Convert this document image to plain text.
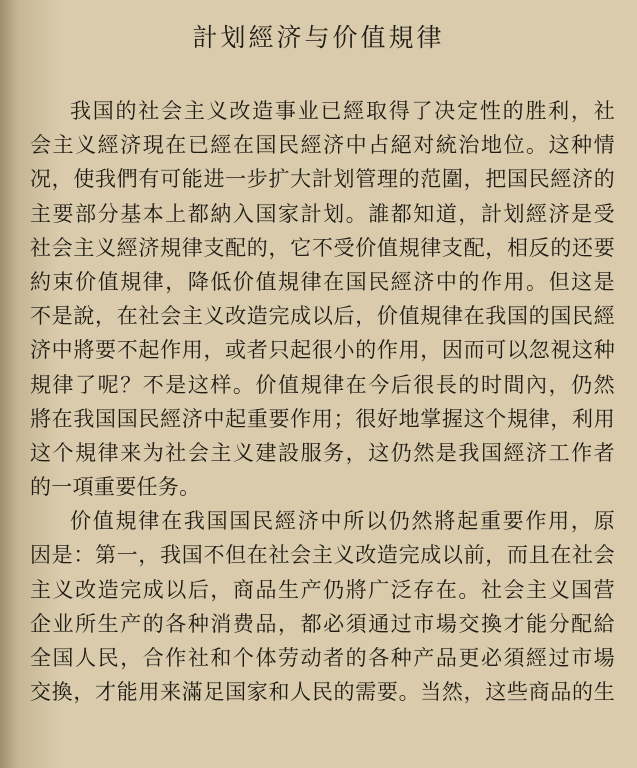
計划經济与价值規律
我国的社会主义改造事业已經取得了决定性的胜利，社
会主义經济現在已經在国民經济中占絕对統治地位。这种情
况，使我們有可能进一步扩大計划管理的范圍，把国民經济的
主要部分基本上都納入国家計划。誰都知道，計划經济是受
社会主义經济規律支配的，它不受价值規律支配，相反的还要
約束价值規律，降低价值規律在国民經济中的作用。但这是
不是說，在社会主义改造完成以后，价值規律在我国的国民經
济中將要不起作用，或者只起很小的作用，因而可以忽視这种
規律了呢？不是这样。价值規律在今后很長的时間內，仍然
將在我国国民經济中起重要作用；很好地掌握这个規律，利用
这个規律来为社会主义建設服务，这仍然是我国經济工作者
的一項重要任务。
价值規律在我国国民經济中所以仍然將起重要作用，原
因是：第一，我国不但在社会主义改造完成以前，而且在社会
主义改造完成以后，商品生产仍將广泛存在。社会主义国营
企业所生产的各种消费品，都必須通过市場交換才能分配給
全国人民，合作社和个体劳动者的各种产品更必須經过市場
交換，才能用来滿足国家和人民的需要。当然，这些商品的生
